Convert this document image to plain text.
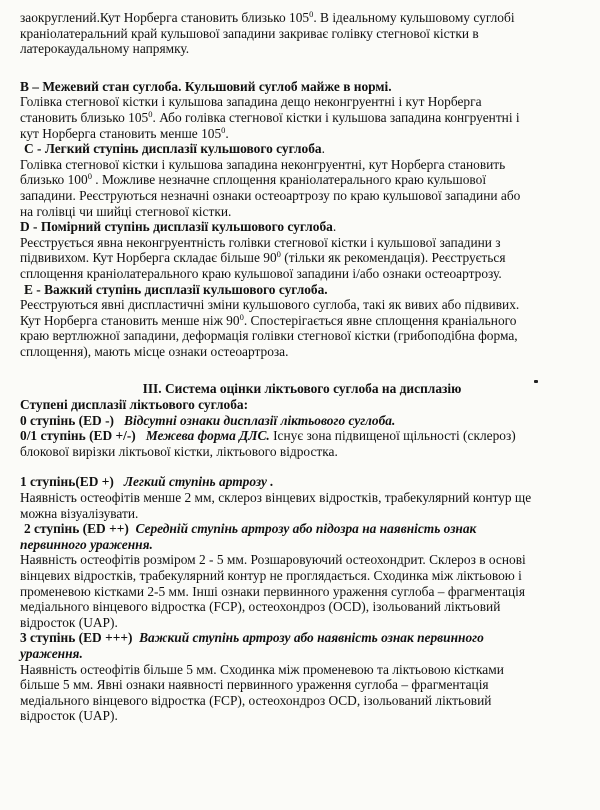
заокруглений.Кут Норберга становить близько $105^0$. В ідеальному кульшовому суглобі

краніолатеральний край кульшової западини закриває голівку стегнової кістки в

латерокаудальному напрямку.

В – Межевий стан суглоба. Кульшовий суглоб майже в нормі.

Голівка стегнової кістки і кульшова западина дещо неконгруентні і кут Норберга

становить близько $105^0$. Або голівка стегнової кістки і кульшова западина конгруентні і

кут Норберга становить менше $105^0$.

С - Легкий ступінь дисплазії кульшового суглоба.

Голівка стегнової кістки і кульшова западина неконгруентні, кут Норберга становить

близько $100^0$ . Можливе незначне сплощення краніолатерального краю кульшової

западини. Реєструються незначні ознаки остеоартрозу по краю кульшової западини або

на голівці чи шийці стегнової кістки.

D - Помірний ступінь дисплазії кульшового суглоба.

Реєструється явна неконгруентність голівки стегнової кістки і кульшової западини з

підвивихом. Кут Норберга складає більше $90^0$ (тільки як рекомендація). Реєструється

сплощення краніолатерального краю кульшової западини і/або ознаки остеоартрозу.

Е - Важкий ступінь дисплазії кульшового суглоба.

Реєструються явні диспластичні зміни кульшового суглоба, такі як вивих або підвивих.

Кут Норберга становить менше ніж $90^0$. Спостерігається явне сплощення краніального

краю вертлюжної западини, деформація голівки стегнової кістки (грибоподібна форма,

сплощення), мають місце ознаки остеоартроза.

ІІІ. Система оцінки ліктьового суглоба на дисплазію

Ступені дисплазії ліктьового суглоба:

0 ступінь (ED -) Відсутні ознаки дисплазії ліктьового суглоба.

0/1 ступінь (ED +/-) Межева форма ДЛС. Існує зона підвищеної щільності (склероз)

блокової вирізки ліктьової кістки, ліктьового відростка.

1 ступінь(ED +) Легкий ступінь артрозу .

Наявність остеофітів менше 2 мм, склероз вінцевих відростків, трабекулярний контур ще

можна візуалізувати.

2 ступінь (ED ++) Середній ступінь артрозу або підозра на наявність ознак

первинного ураження.

Наявність остеофітів розміром 2 - 5 мм. Розшаровуючий остеохондрит. Склероз в основі

вінцевих відростків, трабекулярний контур не проглядається. Сходинка між ліктьовою і

променевою кістками 2-5 мм. Інші ознаки первинного ураження суглоба – фрагментація

медіального вінцевого відростка (FCP), остеохондроз (OCD), ізольований ліктьовий

відросток (UAP).

3 ступінь (ED +++) Важкий ступінь артрозу або наявність ознак первинного

ураження.

Наявність остеофітів більше 5 мм. Сходинка між променевою та ліктьовою кістками

більше 5 мм. Явні ознаки наявності первинного ураження суглоба – фрагментація

медіального вінцевого відростка (FCP), остеохондроз OCD, ізольований ліктьовий

відросток (UAP).
